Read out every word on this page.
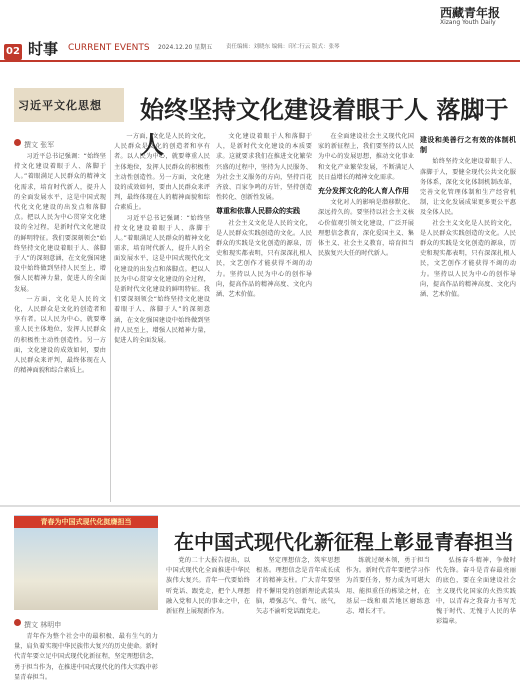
02 时事 CURRENT EVENTS 2024.12.20 星期五 责任编辑：刘晓东 编辑：印仁行云 版式：张琴
西藏青年报
Xizang Youth Daily
习近平文化思想 始终坚持文化建设着眼于人 落脚于人
撰文 张军

习近平总书记强调：“始终坚持文化建设着眼于人、落脚于人。”着眼满足人民群众的精神文化需求，培育时代新人，提升人的全面发展水平，这是中国式现代化文化建设的出发点和落脚点。把以人民为中心贯穿文化建设的全过程，是新时代文化建设的鲜明特征。我们要深刻领会“始终坚持文化建设着眼于人、落脚于人”的深刻意涵，在文化强国建设中始终做到坚持人民至上，增强人民精神力量，促进人的全面发展。

一方面，文化是人民的文化，人民群众是文化的创造者和享有者。以人民为中心，就要尊重人民主体地位，发挥人民群众的积极性主动性创造性。另一方面，文化建设的成效如何，要由人民群众来评判，最终体现在人的精神面貌和综合素质上。

一方面，文化是人民的文化，人民群众是文化的创造者和享有者。以人民为中心，就要尊重人民主体地位，发挥人民群众的积极性主动性创造性。另一方面，文化建设的成效如何，要由人民群众来评判，最终体现在人的精神面貌和综合素质上。

习近平总书记强调：“始终坚持文化建设着眼于人、落脚于人。”着眼满足人民群众的精神文化需求，培育时代新人，提升人的全面发展水平，这是中国式现代化文化建设的出发点和落脚点。把以人民为中心贯穿文化建设的全过程，是新时代文化建设的鲜明特征。我们要深刻领会“始终坚持文化建设着眼于人、落脚于人”的深刻意涵，在文化强国建设中始终做到坚持人民至上，增强人民精神力量，促进人的全面发展。

文化建设着眼于人和落脚于人，是新时代文化建设的本质要求。这就要求我们在推进文化繁荣兴盛的过程中，坚持为人民服务、为社会主义服务的方向，坚持百花齐放、百家争鸣的方针，坚持创造性转化、创新性发展。

尊重和依靠人民群众的实践

社会主义文化是人民的文化，是人民群众实践创造的文化。人民群众的实践是文化创造的源泉，历史和现实都表明，只有深深扎根人民，文艺创作才能获得不竭的动力。坚持以人民为中心的创作导向，提高作品的精神高度、文化内涵、艺术价值。

在全面建设社会主义现代化国家的新征程上，我们要坚持以人民为中心的发展思想，推动文化事业和文化产业繁荣发展，不断满足人民日益增长的精神文化需求。

充分发挥文化的化人育人作用

文化对人的影响是潜移默化、深远持久的。要坚持以社会主义核心价值观引领文化建设，广泛开展理想信念教育，深化爱国主义、集体主义、社会主义教育，培育担当民族复兴大任的时代新人。

建设和美善行之有效的体制机制

始终坚持文化建设着眼于人、落脚于人，要健全现代公共文化服务体系，深化文化体制机制改革，完善文化管理体制和生产经营机制，让文化发展成果更多更公平惠及全体人民。

社会主义文化是人民的文化，是人民群众实践创造的文化。人民群众的实践是文化创造的源泉，历史和现实都表明，只有深深扎根人民，文艺创作才能获得不竭的动力。坚持以人民为中心的创作导向，提高作品的精神高度、文化内涵、艺术价值。

青春为中国式现代化挺膺担当
在中国式现代化新征程上彰显青春担当
撰文 林明申

青年作为整个社会中的最积极、最有生气的力量，肩负着实现中华民族伟大复兴的历史使命。新时代青年要立足中国式现代化新征程，坚定理想信念，勇于担当作为，在推进中国式现代化的伟大实践中彰显青春担当。

党的二十大报告提出，以中国式现代化全面推进中华民族伟大复兴。青年一代要始终听党话、跟党走，把个人理想融入党和人民的事业之中，在新征程上展现新作为。

坚定理想信念，筑牢思想根基。理想信念是青年成长成才的精神支柱。广大青年要坚持不懈用党的创新理论武装头脑，增强志气、骨气、底气，矢志不渝听党话跟党走。

练就过硬本领，勇于担当作为。新时代青年要把学习作为首要任务，努力成为可堪大用、能担重任的栋梁之材，在基层一线和艰苦地区磨练意志、增长才干。

弘扬奋斗精神，争做时代先锋。奋斗是青春最亮丽的底色，要在全面建设社会主义现代化国家的火热实践中，以青春之我奋力书写无愧于时代、无愧于人民的华彩篇章。
